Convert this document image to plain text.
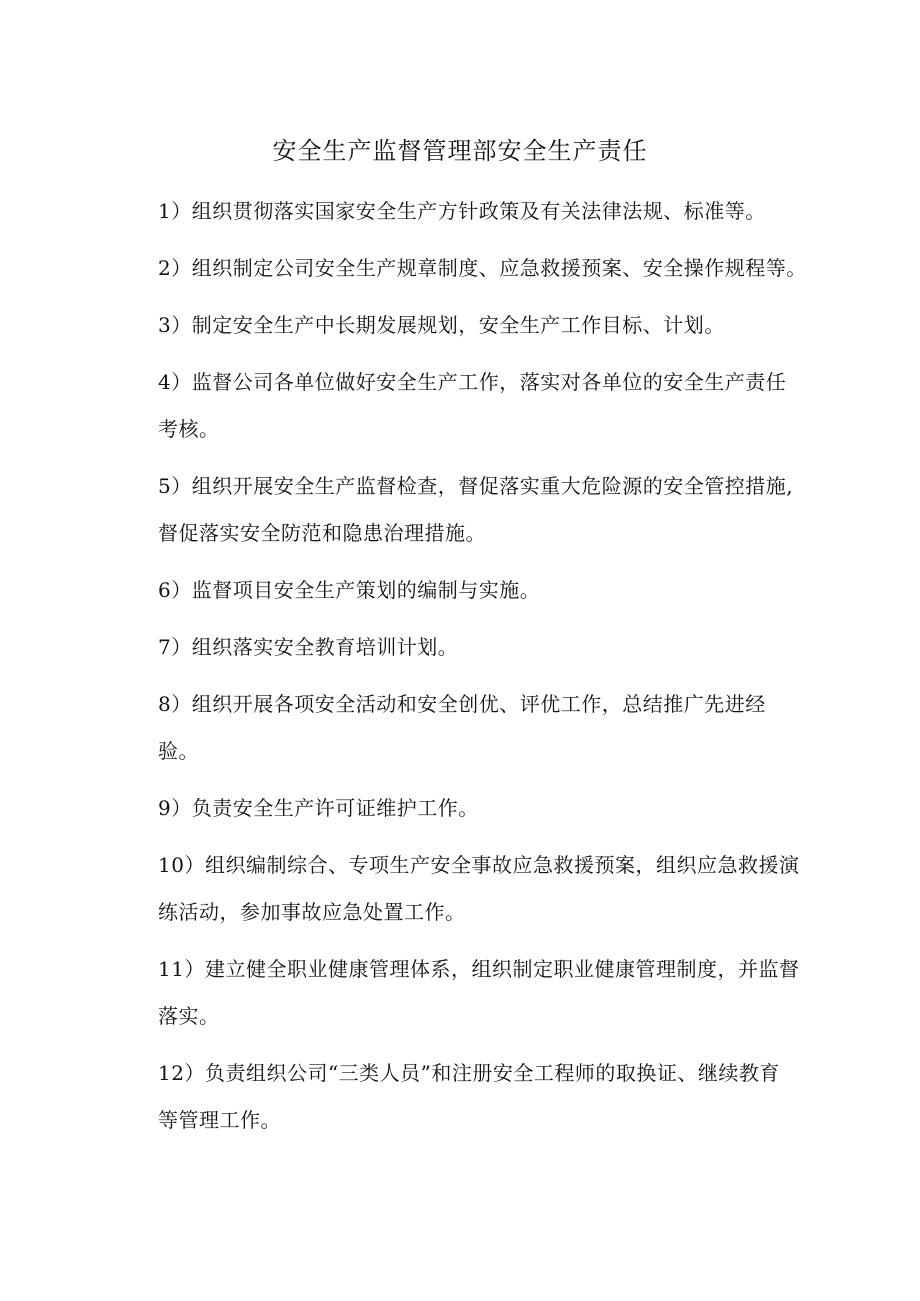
安全生产监督管理部安全生产责任
1）组织贯彻落实国家安全生产方针政策及有关法律法规、标准等。
2）组织制定公司安全生产规章制度、应急救援预案、安全操作规程等。
3）制定安全生产中长期发展规划，安全生产工作目标、计划。
4）监督公司各单位做好安全生产工作，落实对各单位的安全生产责任
考核。
5）组织开展安全生产监督检查，督促落实重大危险源的安全管控措施,
督促落实安全防范和隐患治理措施。
6）监督项目安全生产策划的编制与实施。
7）组织落实安全教育培训计划。
8）组织开展各项安全活动和安全创优、评优工作，总结推广先进经
验。
9）负责安全生产许可证维护工作。
10）组织编制综合、专项生产安全事故应急救援预案，组织应急救援演
练活动，参加事故应急处置工作。
11）建立健全职业健康管理体系，组织制定职业健康管理制度，并监督
落实。
12）负责组织公司“三类人员”和注册安全工程师的取换证、继续教育
等管理工作。
